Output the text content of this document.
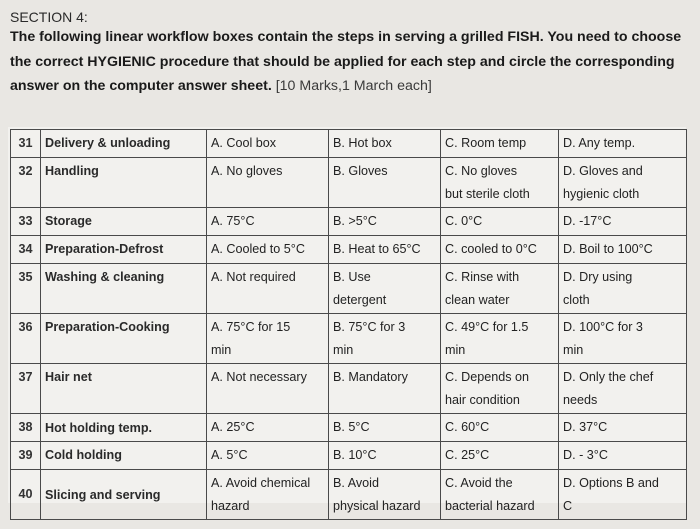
SECTION 4:
The following linear workflow boxes contain the steps in serving a grilled FISH. You need to choose the correct HYGIENIC procedure that should be applied for each step and circle the corresponding answer on the computer answer sheet. [10 Marks,1 March each]
31	Delivery & unloading	A. Cool box	B. Hot box	C. Room temp	D. Any temp.
32	Handling	A. No gloves	B. Gloves	C. No gloves
but sterile cloth	D. Gloves and
hygienic cloth
33	Storage	A. 75°C	B. >5°C	C. 0°C	D. -17°C
34	Preparation-Defrost	A. Cooled to 5°C	B. Heat to 65°C	C. cooled to 0°C	D. Boil to 100°C
35	Washing & cleaning	A. Not required	B. Use
detergent	C. Rinse with
clean water	D. Dry using
cloth
36	Preparation-Cooking	A. 75°C for 15
min	B. 75°C for 3
min	C. 49°C for 1.5
min	D. 100°C for 3
min
37	Hair net	A. Not necessary	B. Mandatory	C. Depends on
hair condition	D. Only the chef
needs
38	Hot holding temp.	A. 25°C	B. 5°C	C. 60°C	D. 37°C
39	Cold holding	A. 5°C	B. 10°C	C. 25°C	D. - 3°C
40	Slicing and serving	A. Avoid chemical
hazard	B. Avoid
physical hazard	C. Avoid the
bacterial hazard	D. Options B and
C
